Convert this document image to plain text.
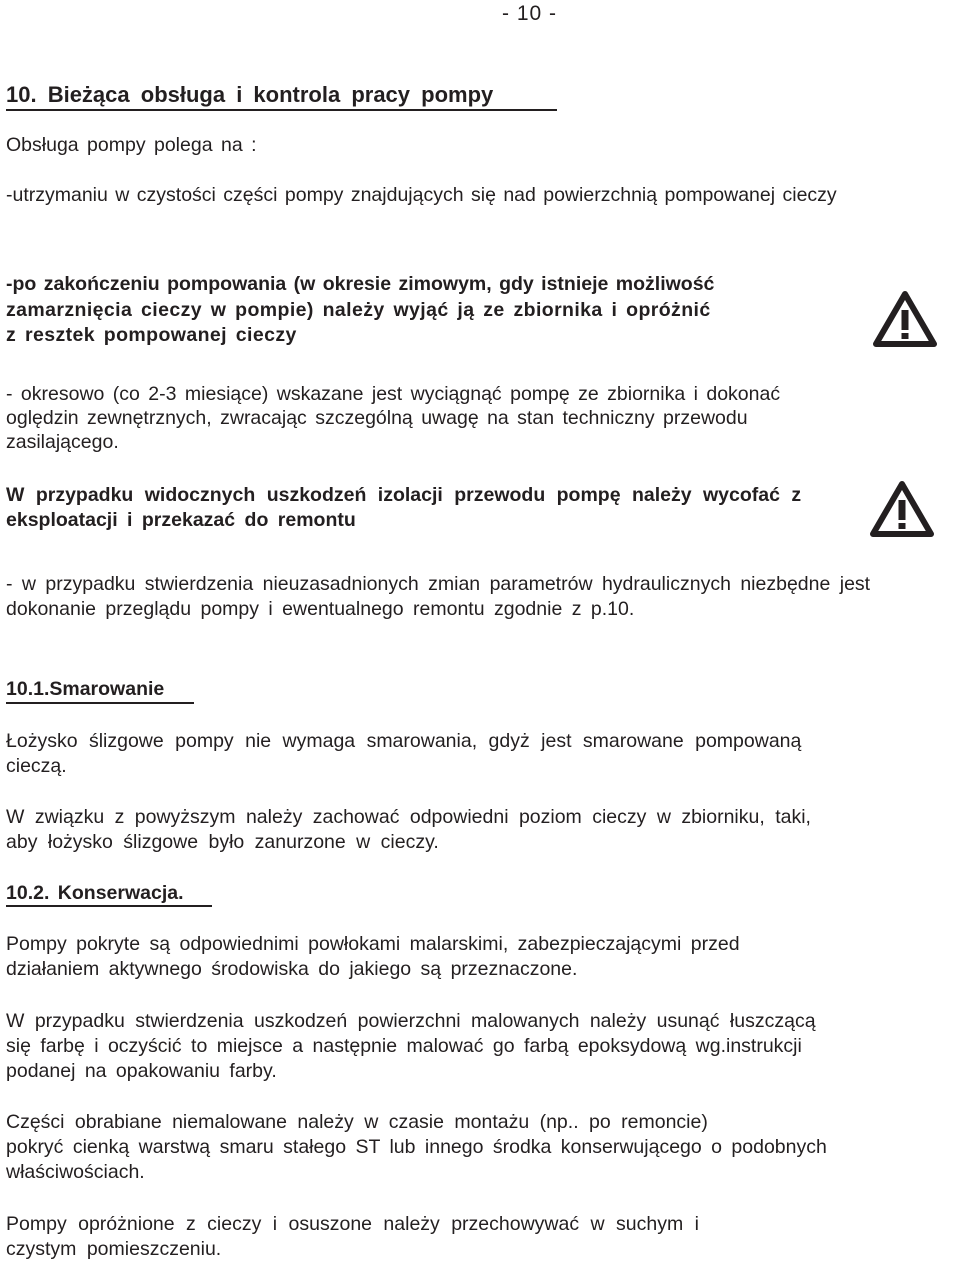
- 10 -
10. Bieżąca obsługa i kontrola pracy pompy
Obsługa pompy polega na :
-utrzymaniu w czystości części pompy znajdujących się nad powierzchnią pompowanej cieczy
-po zakończeniu pompowania (w okresie zimowym, gdy istnieje możliwość
zamarznięcia cieczy w pompie) należy wyjąć ją ze zbiornika i opróżnić
z resztek pompowanej cieczy
- okresowo (co 2-3 miesiące) wskazane jest wyciągnąć pompę ze zbiornika i dokonać
oględzin zewnętrznych, zwracając szczególną uwagę na stan techniczny przewodu
zasilającego.
W przypadku widocznych uszkodzeń izolacji przewodu pompę należy wycofać z
eksploatacji i przekazać do remontu
- w przypadku stwierdzenia nieuzasadnionych zmian parametrów hydraulicznych niezbędne jest
dokonanie przeglądu pompy i ewentualnego remontu zgodnie z p.10.
10.1.Smarowanie
Łożysko ślizgowe pompy nie wymaga smarowania, gdyż jest smarowane pompowaną
cieczą.
W związku z powyższym należy zachować odpowiedni poziom cieczy w zbiorniku, taki,
aby łożysko ślizgowe było zanurzone w cieczy.
10.2. Konserwacja.
Pompy pokryte są odpowiednimi powłokami malarskimi, zabezpieczającymi przed
działaniem aktywnego środowiska do jakiego są przeznaczone.
W przypadku stwierdzenia uszkodzeń powierzchni malowanych należy usunąć łuszczącą
się farbę i oczyścić to miejsce a następnie malować go farbą epoksydową wg.instrukcji
podanej na opakowaniu farby.
Części obrabiane niemalowane należy w czasie montażu (np.. po remoncie)
pokryć cienką warstwą smaru stałego ST lub innego środka konserwującego o podobnych
właściwościach.
Pompy opróżnione z cieczy i osuszone należy przechowywać w suchym i
czystym pomieszczeniu.
